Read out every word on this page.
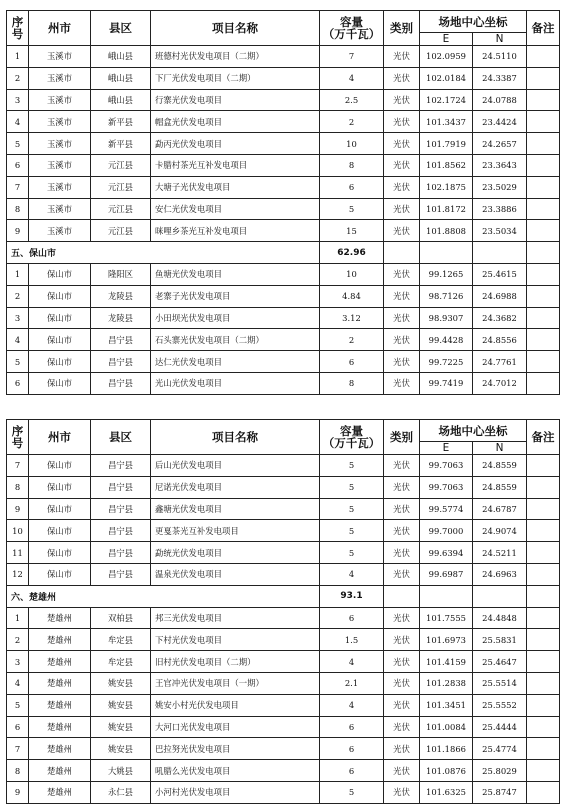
序号	州市	县区	项目名称	容量
（万千瓦）	类别	场地中心坐标		备注
						E	N	
1	玉溪市	峨山县	班德村光伏发电项目（二期）	7	光伏	102.0959	24.5110	
2	玉溪市	峨山县	下厂光伏发电项目（二期）	4	光伏	102.0184	24.3387	
3	玉溪市	峨山县	行寨光伏发电项目	2.5	光伏	102.1724	24.0788	
4	玉溪市	新平县	帽盒光伏发电项目	2	光伏	101.3437	23.4424	
5	玉溪市	新平县	勐丙光伏发电项目	10	光伏	101.7919	24.2657	
6	玉溪市	元江县	卡腊村茶光互补发电项目	8	光伏	101.8562	23.3643	
7	玉溪市	元江县	大塘子光伏发电项目	6	光伏	102.1875	23.5029	
8	玉溪市	元江县	安仁光伏发电项目	5	光伏	101.8172	23.3886	
9	玉溪市	元江县	咪哩乡茶光互补发电项目	15	光伏	101.8808	23.5034	
五、保山市				62.96				
1	保山市	隆阳区	鱼塘光伏发电项目	10	光伏	99.1265	25.4615	
2	保山市	龙陵县	老寨子光伏发电项目	4.84	光伏	98.7126	24.6988	
3	保山市	龙陵县	小田坝光伏发电项目	3.12	光伏	98.9307	24.3682	
4	保山市	昌宁县	石头寨光伏发电项目（二期）	2	光伏	99.4428	24.8556	
5	保山市	昌宁县	达仁光伏发电项目	6	光伏	99.7225	24.7761	
6	保山市	昌宁县	光山光伏发电项目	8	光伏	99.7419	24.7012	
序号	州市	县区	项目名称	容量
（万千瓦）	类别	场地中心坐标		备注
						E	N	
7	保山市	昌宁县	后山光伏发电项目	5	光伏	99.7063	24.8559	
8	保山市	昌宁县	尼诺光伏发电项目	5	光伏	99.7063	24.8559	
9	保山市	昌宁县	鑫塘光伏发电项目	5	光伏	99.5774	24.6787	
10	保山市	昌宁县	更戛茶光互补发电项目	5	光伏	99.7000	24.9074	
11	保山市	昌宁县	勐统光伏发电项目	5	光伏	99.6394	24.5211	
12	保山市	昌宁县	温泉光伏发电项目	4	光伏	99.6987	24.6963	
六、楚雄州				93.1				
1	楚雄州	双柏县	邦三光伏发电项目	6	光伏	101.7555	24.4848	
2	楚雄州	牟定县	下村光伏发电项目	1.5	光伏	101.6973	25.5831	
3	楚雄州	牟定县	旧村光伏发电项目（二期）	4	光伏	101.4159	25.4647	
4	楚雄州	姚安县	王官冲光伏发电项目（一期）	2.1	光伏	101.2838	25.5514	
5	楚雄州	姚安县	姚安小村光伏发电项目	4	光伏	101.3451	25.5552	
6	楚雄州	姚安县	大河口光伏发电项目	6	光伏	101.0084	25.4444	
7	楚雄州	姚安县	巴拉努光伏发电项目	6	光伏	101.1866	25.4774	
8	楚雄州	大姚县	吼腊么光伏发电项目	6	光伏	101.0876	25.8029	
9	楚雄州	永仁县	小河村光伏发电项目	5	光伏	101.6325	25.8747	
